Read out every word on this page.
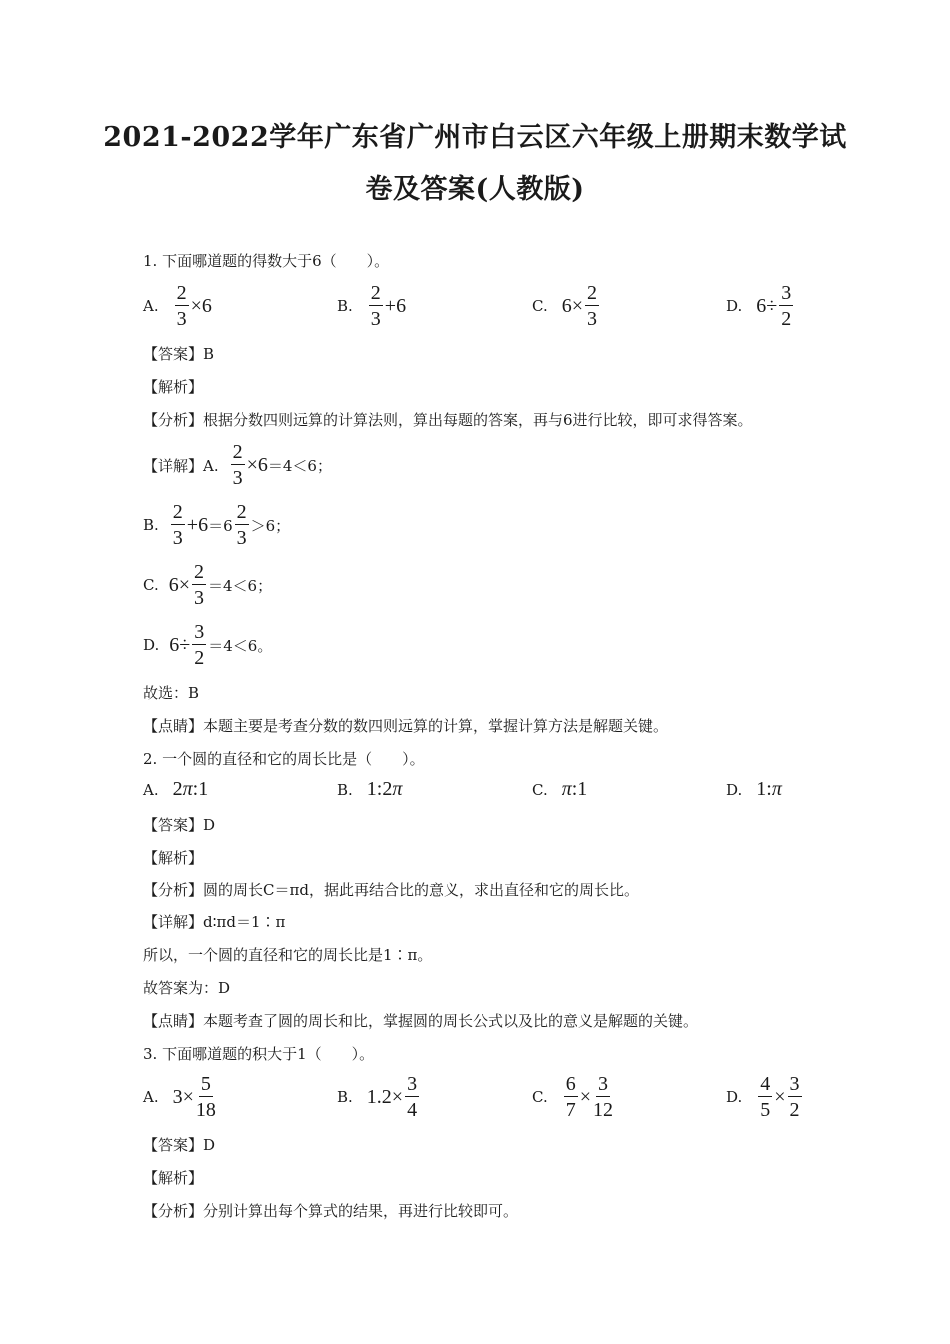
2021-2022学年广东省广州市白云区六年级上册期末数学试
卷及答案(人教版)
1. 下面哪道题的得数大于6（　　）。
A. $\frac{2}{3} \times 6$	B. $\frac{2}{3} +6$	C. $6\times \frac{2}{3}$	D. $6\div \frac{3}{2}$
【答案】B
【解析】
【分析】根据分数四则远算的计算法则，算出每题的答案，再与6进行比较，即可求得答案。
【详解】A. $\frac{2}{3} \times 6 =4<6$；
B. $\frac{2}{3} +6 =6 \frac{2}{3} >6$；
C. $6\times \frac{2}{3} =4<6$；
D. $6\div \frac{3}{2} =4<6$。
故选：B
【点睛】本题主要是考查分数的数四则远算的计算，掌握计算方法是解题关键。
2. 一个圆的直径和它的周长比是（　　）。
A. 2 π :1	B. 1:2 π	C. π :1	D. 1: π
【答案】D
【解析】
【分析】圆的周长C＝πd，据此再结合比的意义，求出直径和它的周长比。
【详解】d∶πd＝1∶π
所以，一个圆的直径和它的周长比是1∶π。
故答案为：D
【点睛】本题考查了圆的周长和比，掌握圆的周长公式以及比的意义是解题的关键。
3. 下面哪道题的积大于1（　　）。
A. $3\times \frac{5}{18}$	B. $1.2\times \frac{3}{4}$	C. $\frac{6}{7} \times \frac{3}{12}$	D. $\frac{4}{5} \times \frac{3}{2}$
【答案】D
【解析】
【分析】分别计算出每个算式的结果，再进行比较即可。
